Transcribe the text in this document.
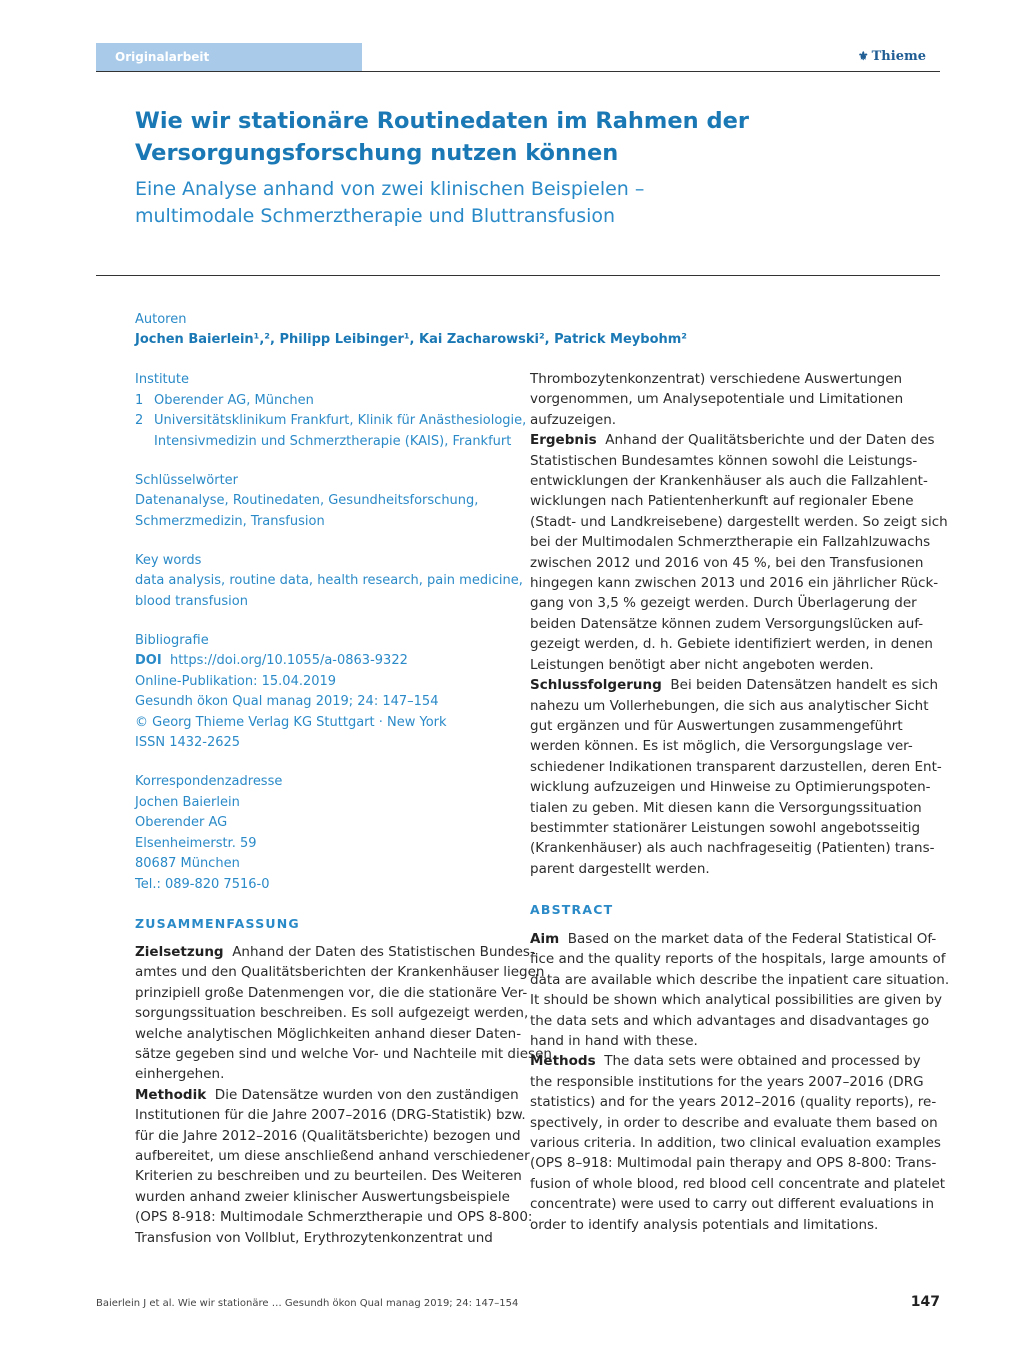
Originalarbeit	⚜ Thieme
Wie wir stationäre Routinedaten im Rahmen der
Versorgungsforschung nutzen können
Eine Analyse anhand von zwei klinischen Beispielen –
multimodale Schmerztherapie und Bluttransfusion
Autoren
Jochen Baierlein¹,², Philipp Leibinger¹, Kai Zacharowski², Patrick Meybohm²
Institute
1 Oberender AG, München
2 Universitätsklinikum Frankfurt, Klinik für Anästhesiologie,
Intensivmedizin und Schmerztherapie (KAIS), Frankfurt
Schlüsselwörter
Datenanalyse, Routinedaten, Gesundheitsforschung,
Schmerzmedizin, Transfusion
Key words
data analysis, routine data, health research, pain medicine,
blood transfusion
Bibliografie
DOI https://doi.org/10.1055/a-0863-9322
Online-Publikation: 15.04.2019
Gesundh ökon Qual manag 2019; 24: 147–154
© Georg Thieme Verlag KG Stuttgart · New York
ISSN 1432-2625
Korrespondenzadresse
Jochen Baierlein
Oberender AG
Elsenheimerstr. 59
80687 München
Tel.: 089-820 7516-0
ZUSAMMENFASSUNG
Zielsetzung Anhand der Daten des Statistischen Bundes-
amtes und den Qualitätsberichten der Krankenhäuser liegen
prinzipiell große Datenmengen vor, die die stationäre Ver-
sorgungssituation beschreiben. Es soll aufgezeigt werden,
welche analytischen Möglichkeiten anhand dieser Daten-
sätze gegeben sind und welche Vor- und Nachteile mit diesen
einhergehen.
Methodik Die Datensätze wurden von den zuständigen
Institutionen für die Jahre 2007–2016 (DRG-Statistik) bzw.
für die Jahre 2012–2016 (Qualitätsberichte) bezogen und
aufbereitet, um diese anschließend anhand verschiedener
Kriterien zu beschreiben und zu beurteilen. Des Weiteren
wurden anhand zweier klinischer Auswertungsbeispiele
(OPS 8-918: Multimodale Schmerztherapie und OPS 8-800:
Transfusion von Vollblut, Erythrozytenkonzentrat und
Thrombozytenkonzentrat) verschiedene Auswertungen
vorgenommen, um Analysepotentiale und Limitationen
aufzuzeigen.
Ergebnis Anhand der Qualitätsberichte und der Daten des
Statistischen Bundesamtes können sowohl die Leistungs-
entwicklungen der Krankenhäuser als auch die Fallzahlent-
wicklungen nach Patientenherkunft auf regionaler Ebene
(Stadt- und Landkreisebene) dargestellt werden. So zeigt sich
bei der Multimodalen Schmerztherapie ein Fallzahlzuwachs
zwischen 2012 und 2016 von 45 %, bei den Transfusionen
hingegen kann zwischen 2013 und 2016 ein jährlicher Rück-
gang von 3,5 % gezeigt werden. Durch Überlagerung der
beiden Datensätze können zudem Versorgungslücken auf-
gezeigt werden, d. h. Gebiete identifiziert werden, in denen
Leistungen benötigt aber nicht angeboten werden.
Schlussfolgerung Bei beiden Datensätzen handelt es sich
nahezu um Vollerhebungen, die sich aus analytischer Sicht
gut ergänzen und für Auswertungen zusammengeführt
werden können. Es ist möglich, die Versorgungslage ver-
schiedener Indikationen transparent darzustellen, deren Ent-
wicklung aufzuzeigen und Hinweise zu Optimierungspoten-
tialen zu geben. Mit diesen kann die Versorgungssituation
bestimmter stationärer Leistungen sowohl angebotsseitig
(Krankenhäuser) als auch nachfrageseitig (Patienten) trans-
parent dargestellt werden.
ABSTRACT
Aim Based on the market data of the Federal Statistical Of-
fice and the quality reports of the hospitals, large amounts of
data are available which describe the inpatient care situation.
It should be shown which analytical possibilities are given by
the data sets and which advantages and disadvantages go
hand in hand with these.
Methods The data sets were obtained and processed by
the responsible institutions for the years 2007–2016 (DRG
statistics) and for the years 2012–2016 (quality reports), re-
spectively, in order to describe and evaluate them based on
various criteria. In addition, two clinical evaluation examples
(OPS 8–918: Multimodal pain therapy and OPS 8-800: Trans-
fusion of whole blood, red blood cell concentrate and platelet
concentrate) were used to carry out different evaluations in
order to identify analysis potentials and limitations.
Baierlein J et al. Wie wir stationäre … Gesundh ökon Qual manag 2019; 24: 147–154	147
